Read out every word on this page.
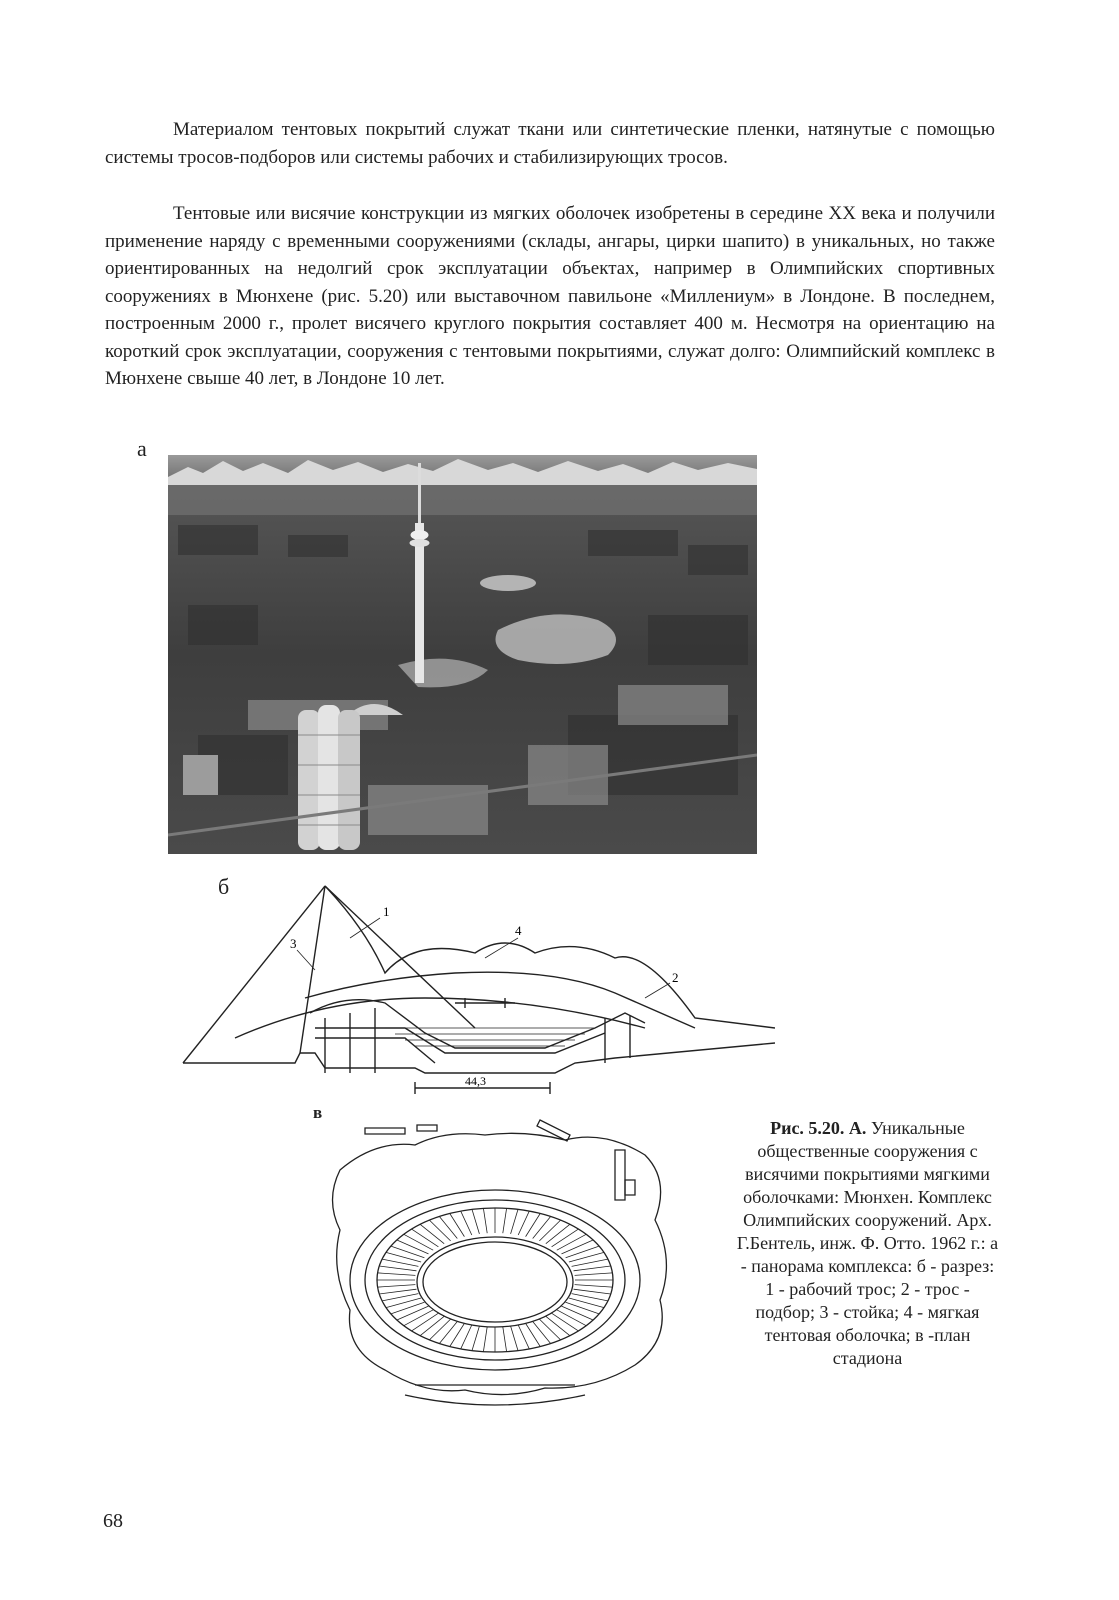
Материалом тентовых покрытий служат ткани или синтетические пленки, натянутые с помощью системы тросов-подборов или системы рабочих и стабилизирующих тросов.

Тентовые или висячие конструкции из мягких оболочек изобретены в середине XX века и получили применение наряду с временными сооружениями (склады, ангары, цирки шапито) в уникальных, но также ориентированных на недолгий срок эксплуатации объектах, например в Олимпийских спортивных сооружениях в Мюнхене (рис. 5.20) или выставочном павильоне «Миллениум» в Лондоне. В последнем, построенным 2000 г., пролет висячего круглого покрытия составляет 400 м. Несмотря на ориентацию на короткий срок эксплуатации, сооружения с тентовыми покрытиями, служат долго: Олимпийский комплекс в Мюнхене свыше 40 лет, в Лондоне 10 лет.

а
б
1
2
3
4
44,3
в
Рис. 5.20. А. Уникальные общественные сооружения с висячими покрытиями мягкими оболочками: Мюнхен. Комплекс Олимпийских сооружений. Арх. Г.Бентель, инж. Ф. Отто. 1962 г.: а - панорама комплекса: б - разрез: 1 - рабочий трос; 2 - трос - подбор; 3 - стойка; 4 - мягкая тентовая оболочка; в -план стадиона
68
